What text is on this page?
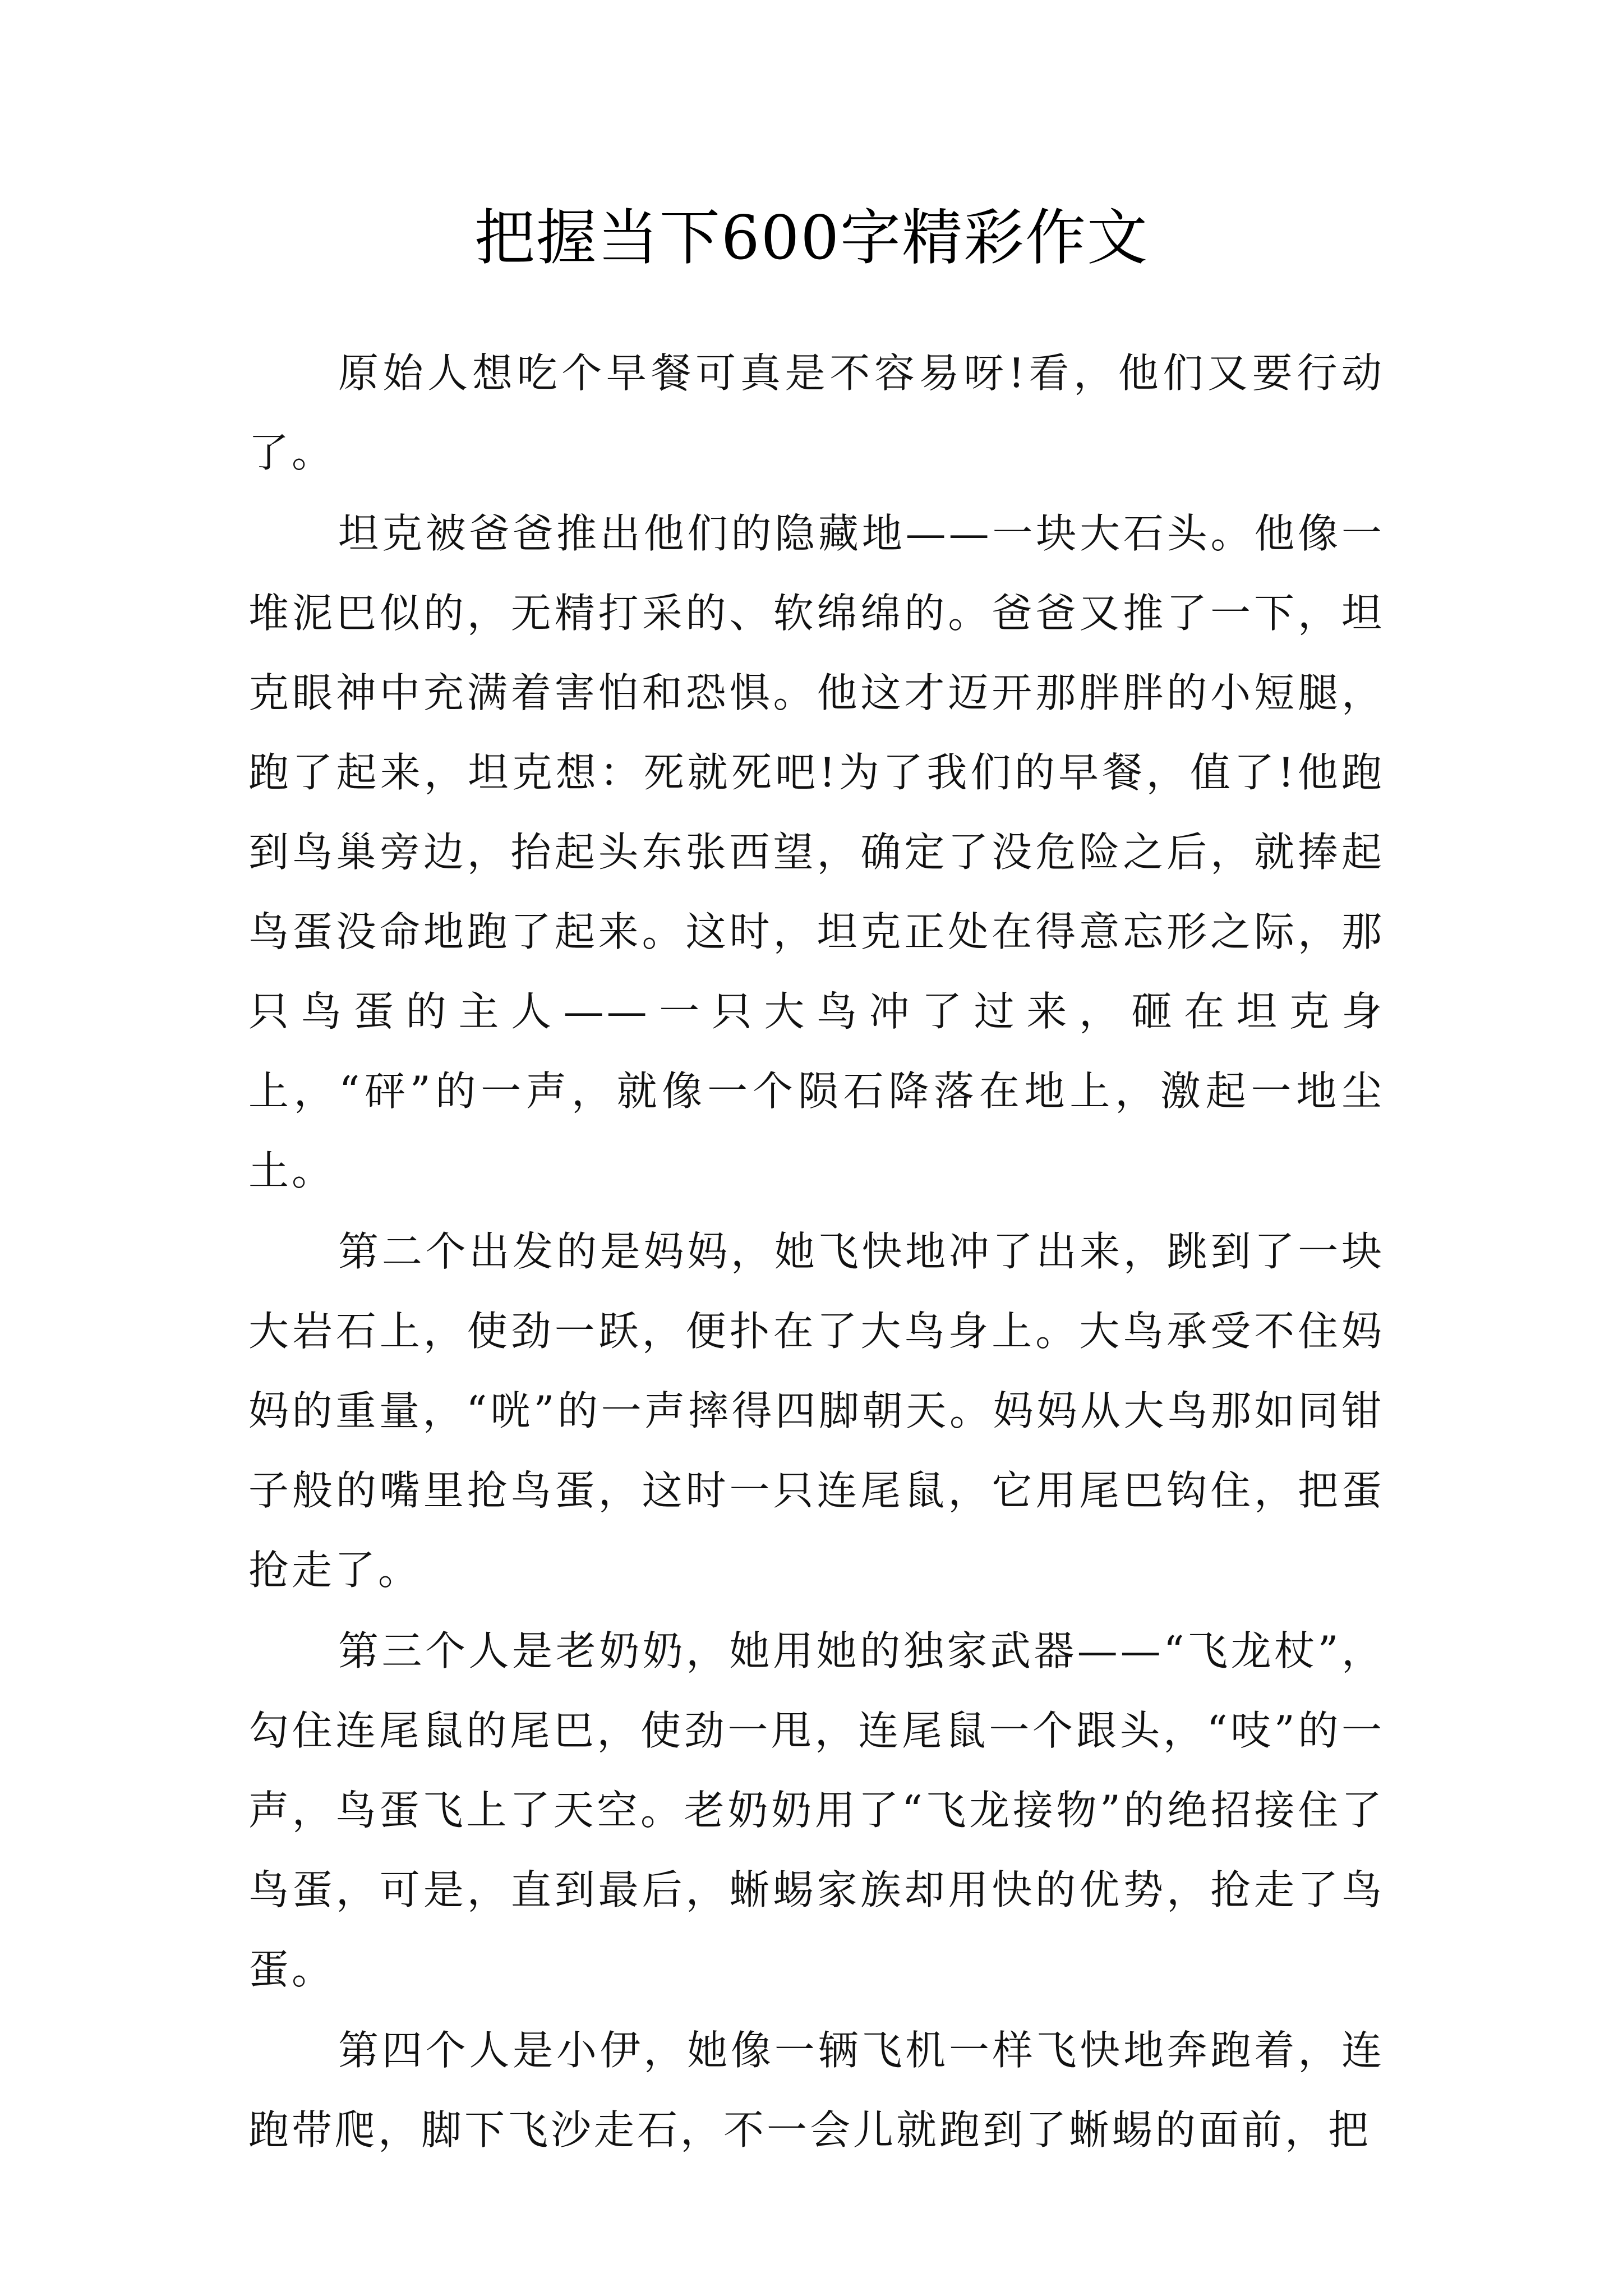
把握当下600字精彩作文

原始人想吃个早餐可真是不容易呀!看，他们又要行动了。

坦克被爸爸推出他们的隐藏地——一块大石头。他像一堆泥巴似的，无精打采的、软绵绵的。爸爸又推了一下，坦克眼神中充满着害怕和恐惧。他这才迈开那胖胖的小短腿，跑了起来，坦克想：死就死吧!为了我们的早餐，值了!他跑到鸟巢旁边，抬起头东张西望，确定了没危险之后，就捧起鸟蛋没命地跑了起来。这时，坦克正处在得意忘形之际，那只鸟蛋的主人——一只大鸟冲了过来，砸在坦克身上，“砰”的一声，就像一个陨石降落在地上，激起一地尘土。

第二个出发的是妈妈，她飞快地冲了出来，跳到了一块大岩石上，使劲一跃，便扑在了大鸟身上。大鸟承受不住妈妈的重量，“咣”的一声摔得四脚朝天。妈妈从大鸟那如同钳子般的嘴里抢鸟蛋，这时一只连尾鼠，它用尾巴钩住，把蛋抢走了。

第三个人是老奶奶，她用她的独家武器——“飞龙杖”，勾住连尾鼠的尾巴，使劲一甩，连尾鼠一个跟头，“吱”的一声，鸟蛋飞上了天空。老奶奶用了“飞龙接物”的绝招接住了鸟蛋，可是，直到最后，蜥蜴家族却用快的优势，抢走了鸟蛋。

第四个人是小伊，她像一辆飞机一样飞快地奔跑着，连跑带爬，脚下飞沙走石，不一会儿就跑到了蜥蜴的面前，把
